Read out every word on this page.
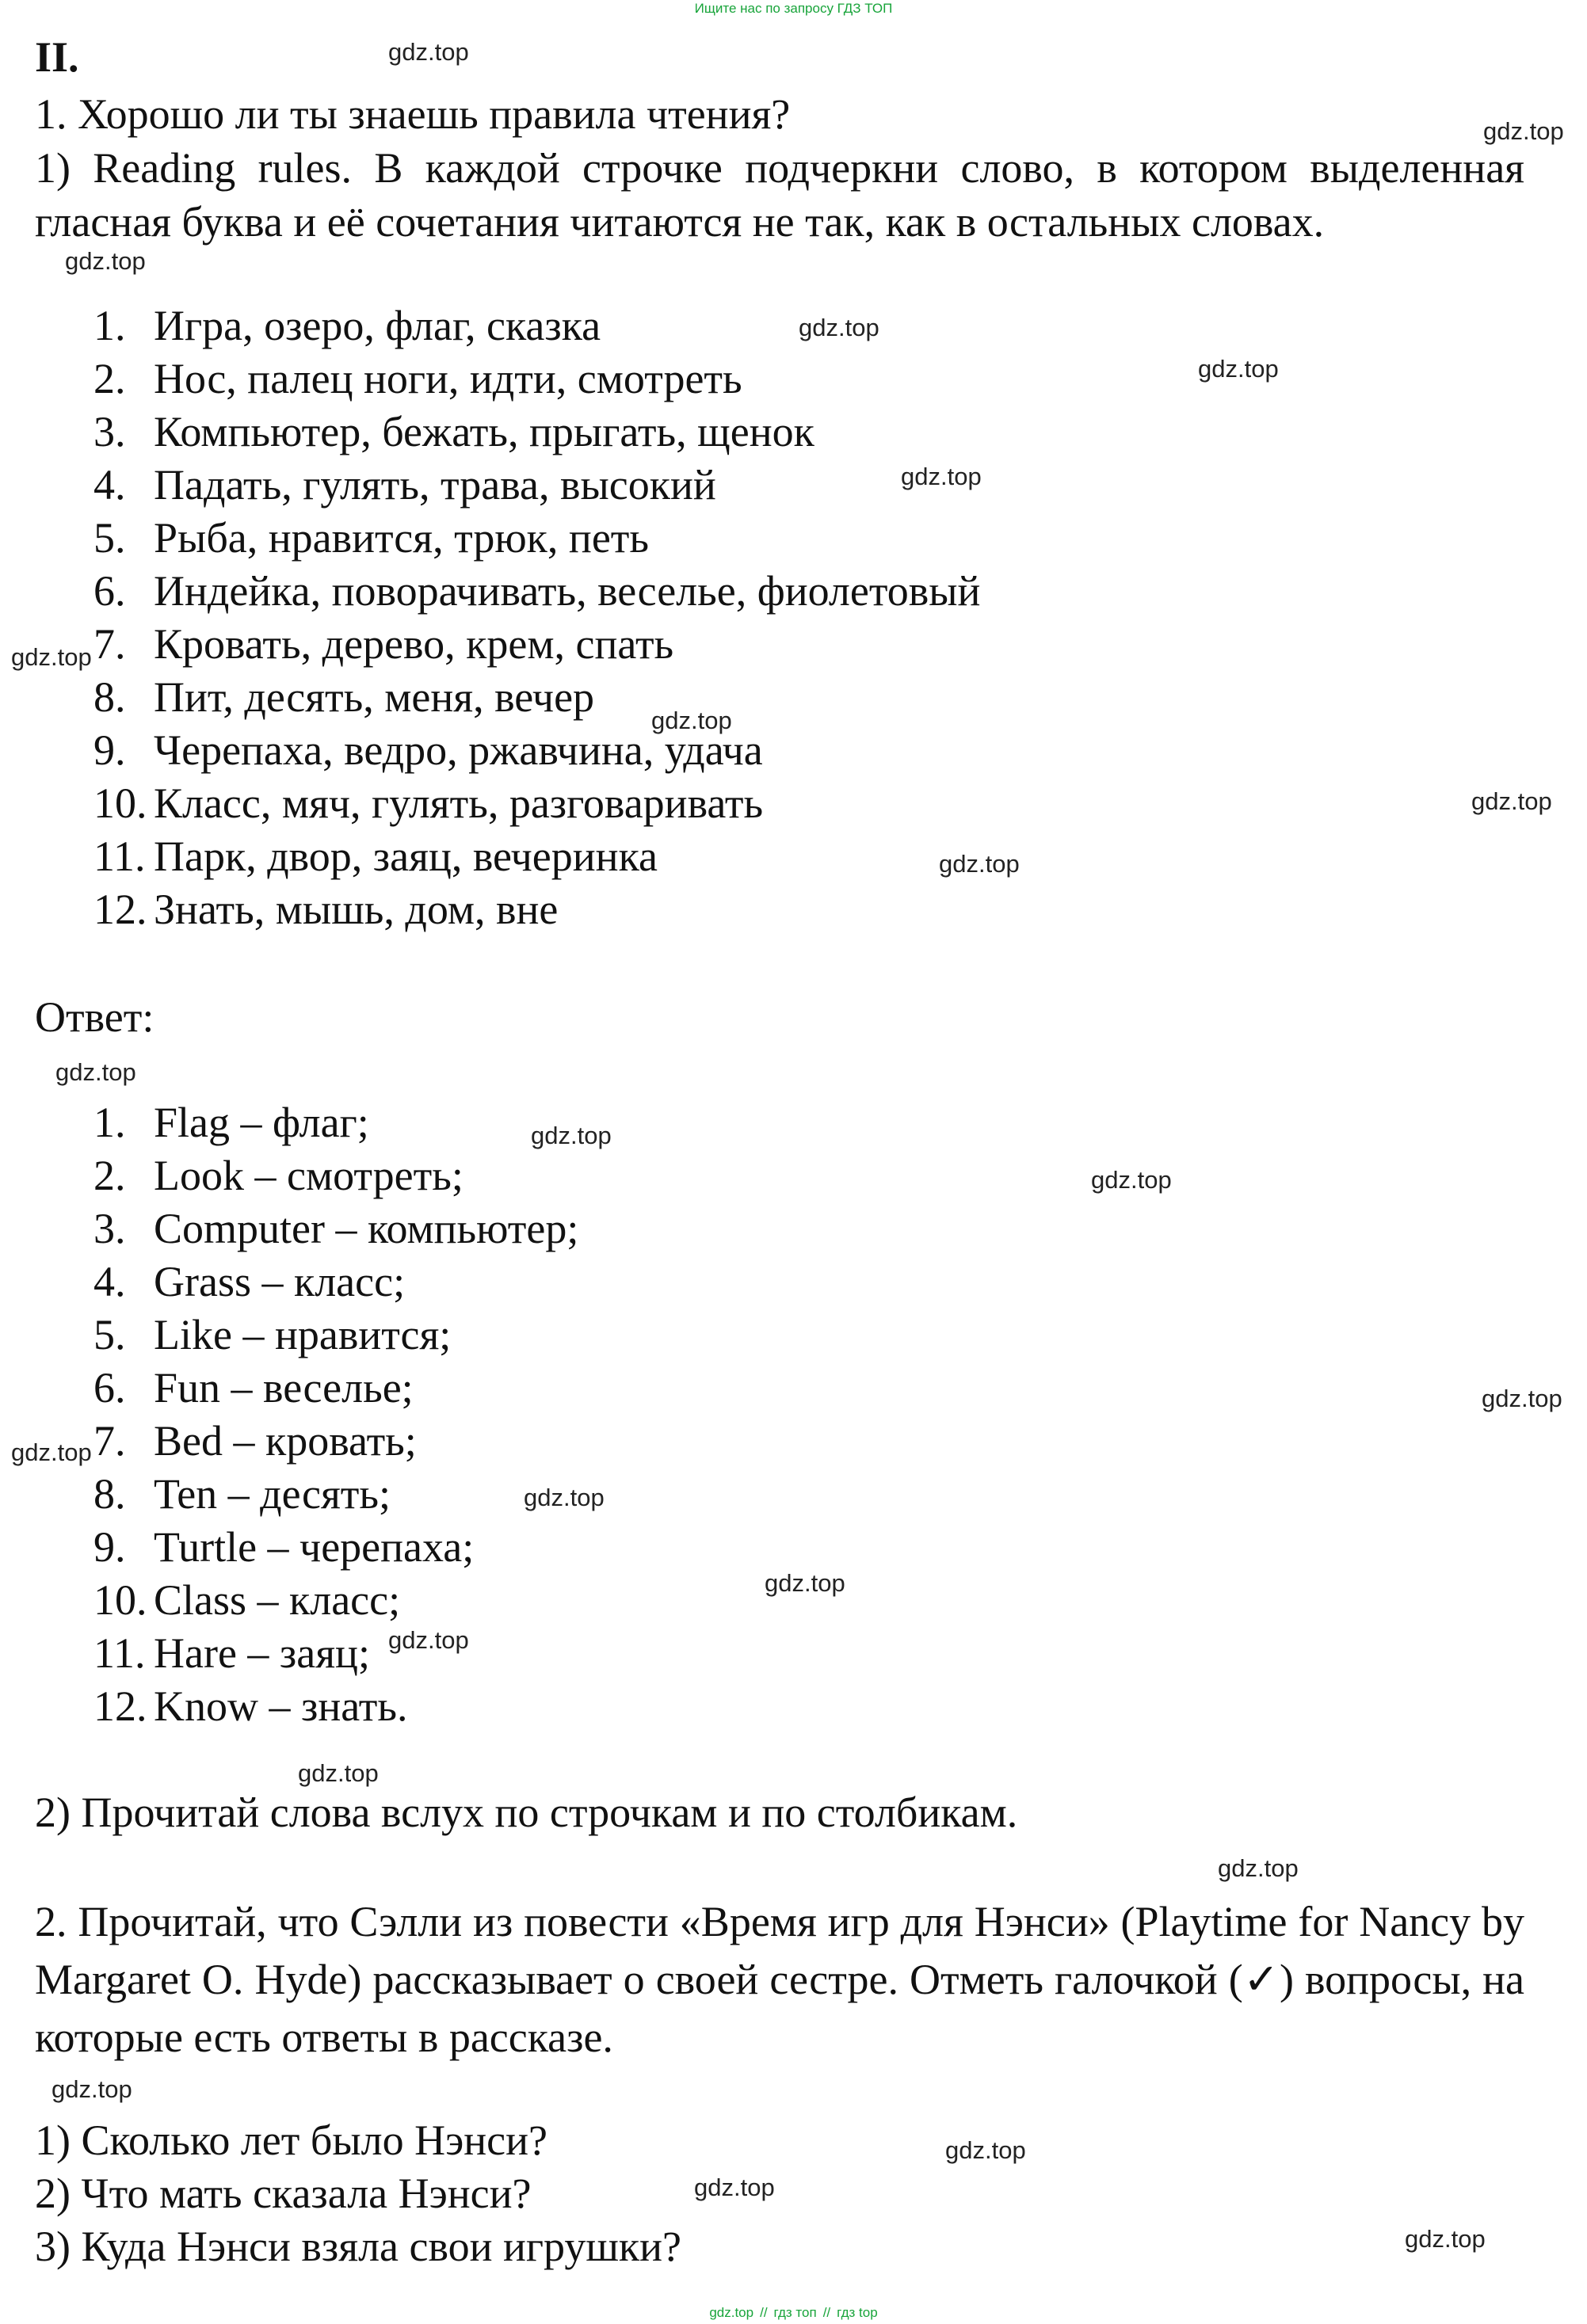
Ищите нас по запросу ГДЗ ТОП
II.

1. Хорошо ли ты знаешь правила чтения?

1) Reading rules. В каждой строчке подчеркни слово, в котором выделенная гласная буква и её сочетания читаются не так, как в остальных словах.

1. Игра, озеро, флаг, сказка
2. Нос, палец ноги, идти, смотреть
3. Компьютер, бежать, прыгать, щенок
4. Падать, гулять, трава, высокий
5. Рыба, нравится, трюк, петь
6. Индейка, поворачивать, веселье, фиолетовый
7. Кровать, дерево, крем, спать
8. Пит, десять, меня, вечер
9. Черепаха, ведро, ржавчина, удача
10. Класс, мяч, гулять, разговаривать
11. Парк, двор, заяц, вечеринка
12. Знать, мышь, дом, вне

Ответ:

1. Flag – флаг;
2. Look – смотреть;
3. Computer – компьютер;
4. Grass – класс;
5. Like – нравится;
6. Fun – веселье;
7. Bed – кровать;
8. Ten – десять;
9. Turtle – черепаха;
10. Class – класс;
11. Hare – заяц;
12. Know – знать.

2) Прочитай слова вслух по строчкам и по столбикам.

2. Прочитай, что Сэлли из повести «Время игр для Нэнси» (Playtime for Nancy by Margaret O. Hyde) рассказывает о своей сестре. Отметь галочкой (✓) вопросы, на которые есть ответы в рассказе.

1) Сколько лет было Нэнси?

2) Что мать сказала Нэнси?

3) Куда Нэнси взяла свои игрушки?

gdz.top
gdz.top
gdz.top
gdz.top
gdz.top
gdz.top
gdz.top
gdz.top
gdz.top
gdz.top
gdz.top
gdz.top
gdz.top
gdz.top
gdz.top
gdz.top
gdz.top
gdz.top
gdz.top
gdz.top
gdz.top
gdz.top
gdz.top
gdz.top
gdz.top // гдз топ // гдз top
